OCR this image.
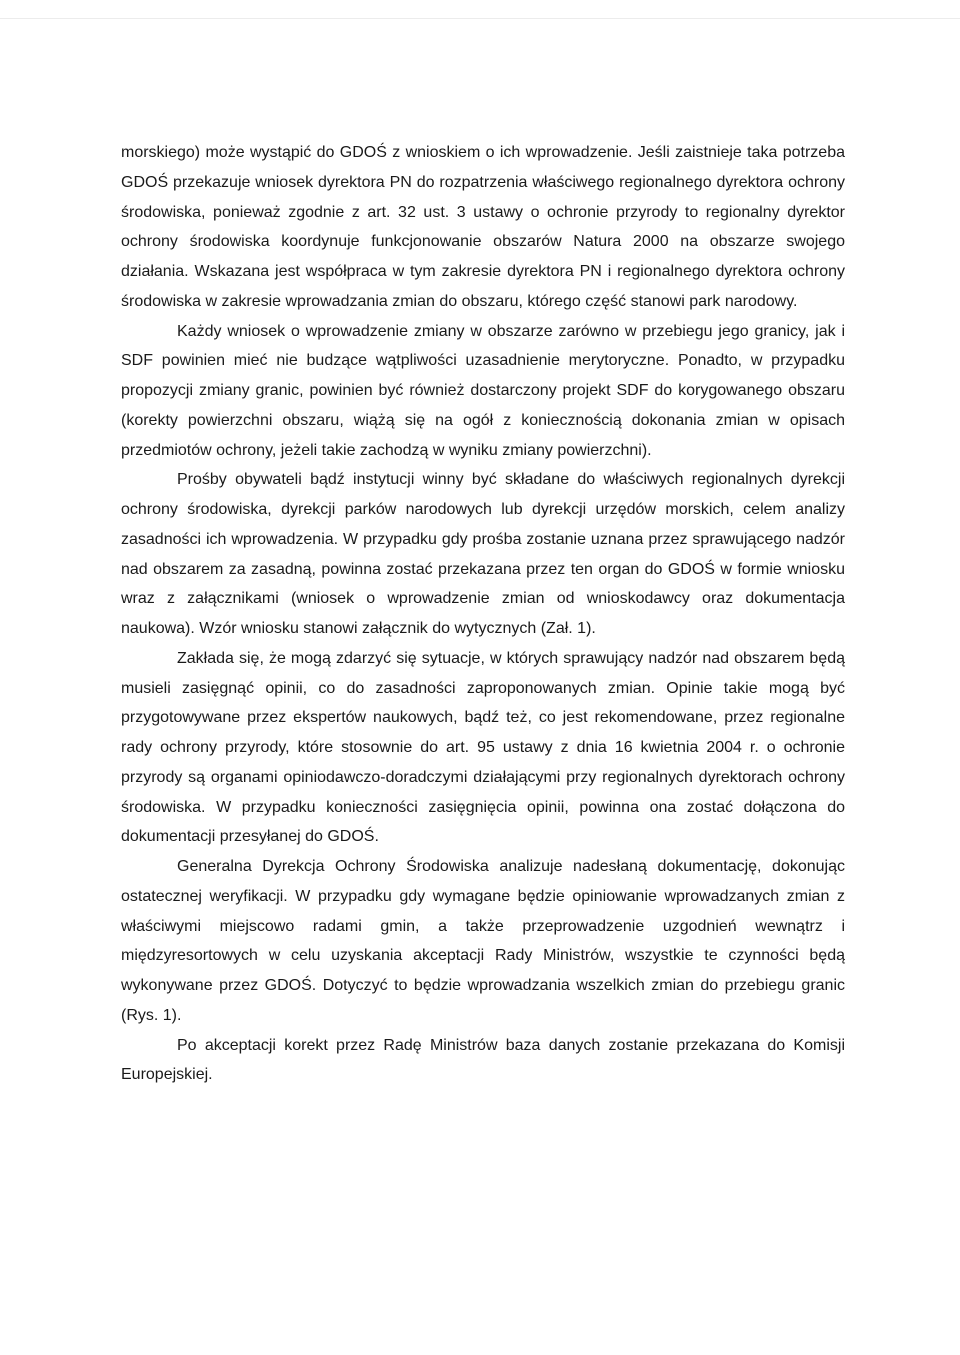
morskiego) może wystąpić do GDOŚ z wnioskiem o ich wprowadzenie. Jeśli zaistnieje taka potrzeba GDOŚ przekazuje wniosek dyrektora PN do rozpatrzenia właściwego regionalnego dyrektora ochrony środowiska, ponieważ zgodnie z art. 32 ust. 3 ustawy o ochronie przyrody to regionalny dyrektor ochrony środowiska koordynuje funkcjonowanie obszarów Natura 2000 na obszarze swojego działania. Wskazana jest współpraca w tym zakresie dyrektora PN i regionalnego dyrektora ochrony środowiska w zakresie wprowadzania zmian do obszaru, którego część stanowi park narodowy.

Każdy wniosek o wprowadzenie zmiany w obszarze zarówno w przebiegu jego granicy, jak i SDF powinien mieć nie budzące wątpliwości uzasadnienie merytoryczne. Ponadto, w przypadku propozycji zmiany granic, powinien być również dostarczony projekt SDF do korygowanego obszaru (korekty powierzchni obszaru, wiążą się na ogół z koniecznością dokonania zmian w opisach przedmiotów ochrony, jeżeli takie zachodzą w wyniku zmiany powierzchni).

Prośby obywateli bądź instytucji winny być składane do właściwych regionalnych dyrekcji ochrony środowiska, dyrekcji parków narodowych lub dyrekcji urzędów morskich, celem analizy zasadności ich wprowadzenia. W przypadku gdy prośba zostanie uznana przez sprawującego nadzór nad obszarem za zasadną, powinna zostać przekazana przez ten organ do GDOŚ w formie wniosku wraz z załącznikami (wniosek o wprowadzenie zmian od wnioskodawcy oraz dokumentacja naukowa). Wzór wniosku stanowi załącznik do wytycznych (Zał. 1).

Zakłada się, że mogą zdarzyć się sytuacje, w których sprawujący nadzór nad obszarem będą musieli zasięgnąć opinii, co do zasadności zaproponowanych zmian. Opinie takie mogą być przygotowywane przez ekspertów naukowych, bądź też, co jest rekomendowane, przez regionalne rady ochrony przyrody, które stosownie do art. 95 ustawy z dnia 16 kwietnia 2004 r. o ochronie przyrody są organami opiniodawczo-doradczymi działającymi przy regionalnych dyrektorach ochrony środowiska. W przypadku konieczności zasięgnięcia opinii, powinna ona zostać dołączona do dokumentacji przesyłanej do GDOŚ.

Generalna Dyrekcja Ochrony Środowiska analizuje nadesłaną dokumentację, dokonując ostatecznej weryfikacji. W przypadku gdy wymagane będzie opiniowanie wprowadzanych zmian z właściwymi miejscowo radami gmin, a także przeprowadzenie uzgodnień wewnątrz i międzyresortowych w celu uzyskania akceptacji Rady Ministrów, wszystkie te czynności będą wykonywane przez GDOŚ. Dotyczyć to będzie wprowadzania wszelkich zmian do przebiegu granic (Rys. 1).

Po akceptacji korekt przez Radę Ministrów baza danych zostanie przekazana do Komisji Europejskiej.
